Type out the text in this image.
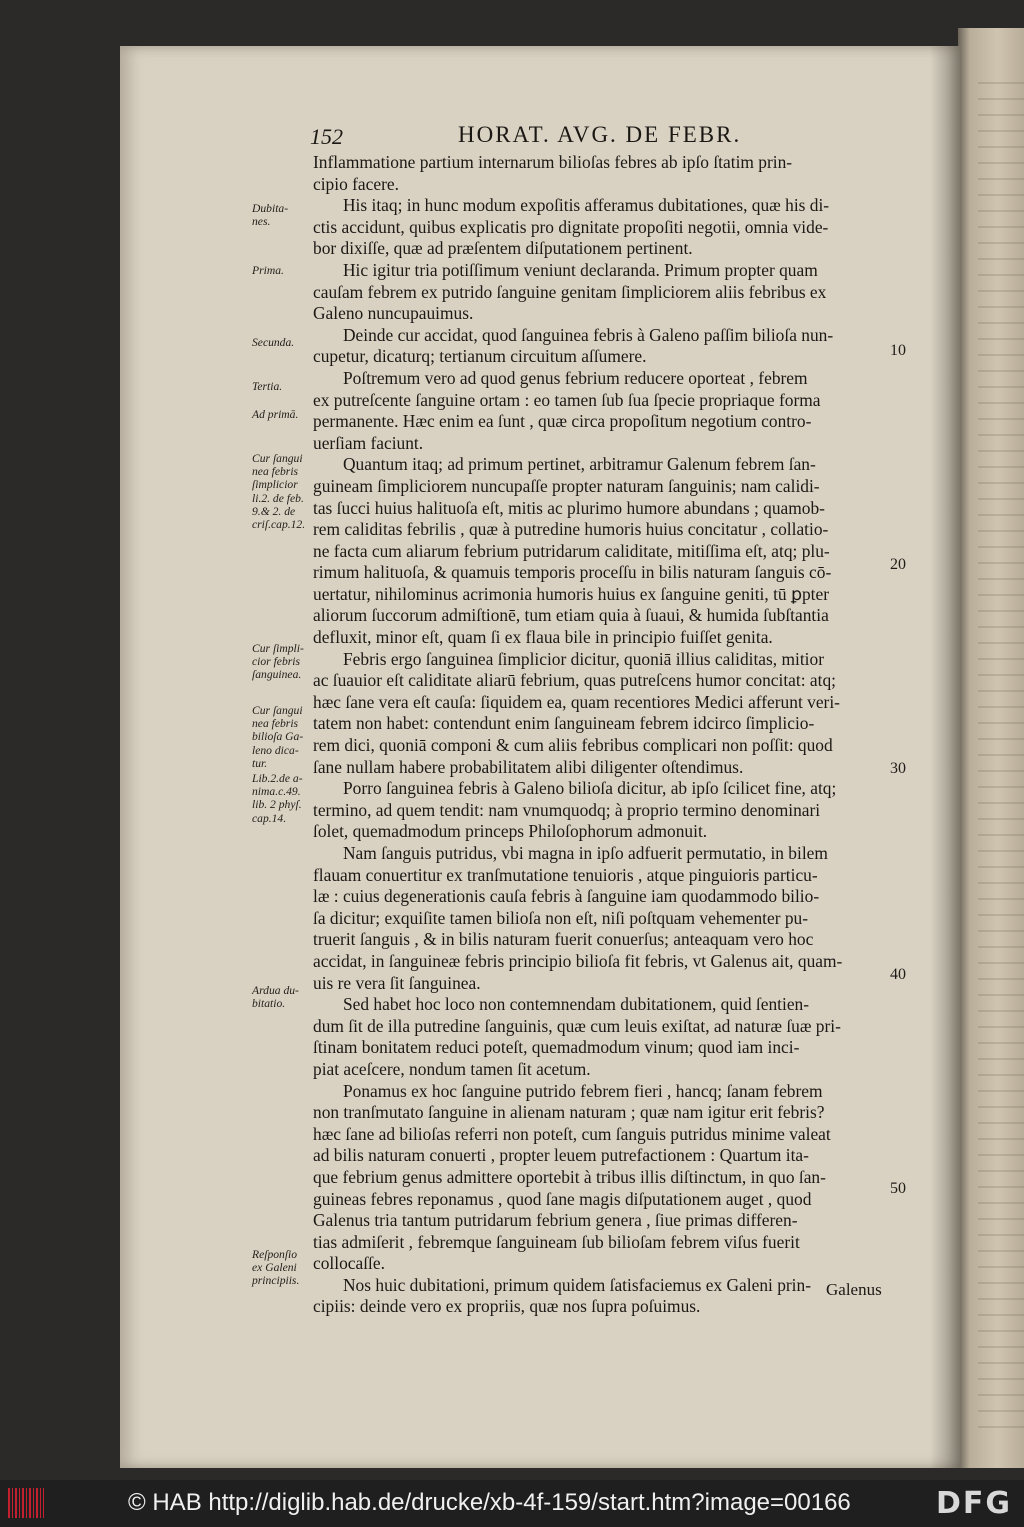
152	HORAT. AVG. DE FEBR.

Inflammatione partium internarum bilioſas febres ab ipſo ſtatim prin-
cipio facere.

His itaq; in hunc modum expoſitis afferamus dubitationes, quæ his di-
ctis accidunt, quibus explicatis pro dignitate propoſiti negotii, omnia vide-
bor dixiſſe, quæ ad præſentem diſputationem pertinent.

Hic igitur tria potiſſimum veniunt declaranda. Primum propter quam
cauſam febrem ex putrido ſanguine genitam ſimpliciorem aliis febribus ex
Galeno nuncupauimus.

Deinde cur accidat, quod ſanguinea febris à Galeno paſſim bilioſa nun-
cupetur, dicaturq; tertianum circuitum aſſumere.

Poſtremum vero ad quod genus febrium reducere oporteat , febrem
ex putreſcente ſanguine ortam : eo tamen ſub ſua ſpecie propriaque forma
permanente. Hæc enim ea ſunt , quæ circa propoſitum negotium contro-
uerſiam faciunt.

Quantum itaq; ad primum pertinet, arbitramur Galenum febrem ſan-
guineam ſimpliciorem nuncupaſſe propter naturam ſanguinis; nam calidi-
tas ſucci huius halituoſa eſt, mitis ac plurimo humore abundans ; quamob-
rem caliditas febrilis , quæ à putredine humoris huius concitatur , collatio-
ne facta cum aliarum febrium putridarum caliditate, mitiſſima eſt, atq; plu-
rimum halituoſa, & quamuis temporis proceſſu in bilis naturam ſanguis cō-
uertatur, nihilominus acrimonia humoris huius ex ſanguine geniti, tū ꝑpter
aliorum ſuccorum admiſtionē, tum etiam quia à ſuaui, & humida ſubſtantia
defluxit, minor eſt, quam ſi ex flaua bile in principio fuiſſet genita.

Febris ergo ſanguinea ſimplicior dicitur, quoniā illius caliditas, mitior
ac ſuauior eſt caliditate aliarū febrium, quas putreſcens humor concitat: atq;
hæc ſane vera eſt cauſa: ſiquidem ea, quam recentiores Medici afferunt veri-
tatem non habet: contendunt enim ſanguineam febrem idcirco ſimplicio-
rem dici, quoniā componi & cum aliis febribus complicari non poſſit: quod
ſane nullam habere probabilitatem alibi diligenter oſtendimus.

Porro ſanguinea febris à Galeno bilioſa dicitur, ab ipſo ſcilicet fine, atq;
termino, ad quem tendit: nam vnumquodq; à proprio termino denominari
ſolet, quemadmodum princeps Philoſophorum admonuit.

Nam ſanguis putridus, vbi magna in ipſo adfuerit permutatio, in bilem
flauam conuertitur ex tranſmutatione tenuioris , atque pinguioris particu-
læ : cuius degenerationis cauſa febris à ſanguine iam quodammodo bilio-
ſa dicitur; exquiſite tamen bilioſa non eſt, niſi poſtquam vehementer pu-
truerit ſanguis , & in bilis naturam fuerit conuerſus; anteaquam vero hoc
accidat, in ſanguineæ febris principio bilioſa fit febris, vt Galenus ait, quam-
uis re vera ſit ſanguinea.

Sed habet hoc loco non contemnendam dubitationem, quid ſentien-
dum ſit de illa putredine ſanguinis, quæ cum leuis exiſtat, ad naturæ ſuæ pri-
ſtinam bonitatem reduci poteſt, quemadmodum vinum; quod iam inci-
piat aceſcere, nondum tamen ſit acetum.

Ponamus ex hoc ſanguine putrido febrem fieri , hancq; ſanam febrem
non tranſmutato ſanguine in alienam naturam ; quæ nam igitur erit febris?
hæc ſane ad bilioſas referri non poteſt, cum ſanguis putridus minime valeat
ad bilis naturam conuerti , propter leuem putrefactionem : Quartum ita-
que febrium genus admittere oportebit à tribus illis diſtinctum, in quo ſan-
guineas febres reponamus , quod ſane magis diſputationem auget , quod
Galenus tria tantum putridarum febrium genera , ſiue primas differen-
tias admiſerit , febremque ſanguineam ſub bilioſam febrem viſus fuerit
collocaſſe.

Nos huic dubitationi, primum quidem ſatisfaciemus ex Galeni prin-
cipiis: deinde vero ex propriis, quæ nos ſupra poſuimus.

Dubita-
nes.
Prima.
Secunda.
Tertia.
Ad primā.
Cur ſangui
nea febris
ſimplicior
li.2. de feb.
9.& 2. de
criſ.cap.12.
Cur ſimpli-
cior febris
ſanguinea.
Cur ſangui
nea febris
bilioſa Ga-
leno dica-
tur.
Lib.2.de a-
nima.c.49.
lib. 2 phyſ.
cap.14.
Ardua du-
bitatio.
Reſponſio
ex Galeni
principiis.
10
20
30
40
50
Galenus
© HAB http://diglib.hab.de/drucke/xb-4f-159/start.htm?image=00166	DFG
